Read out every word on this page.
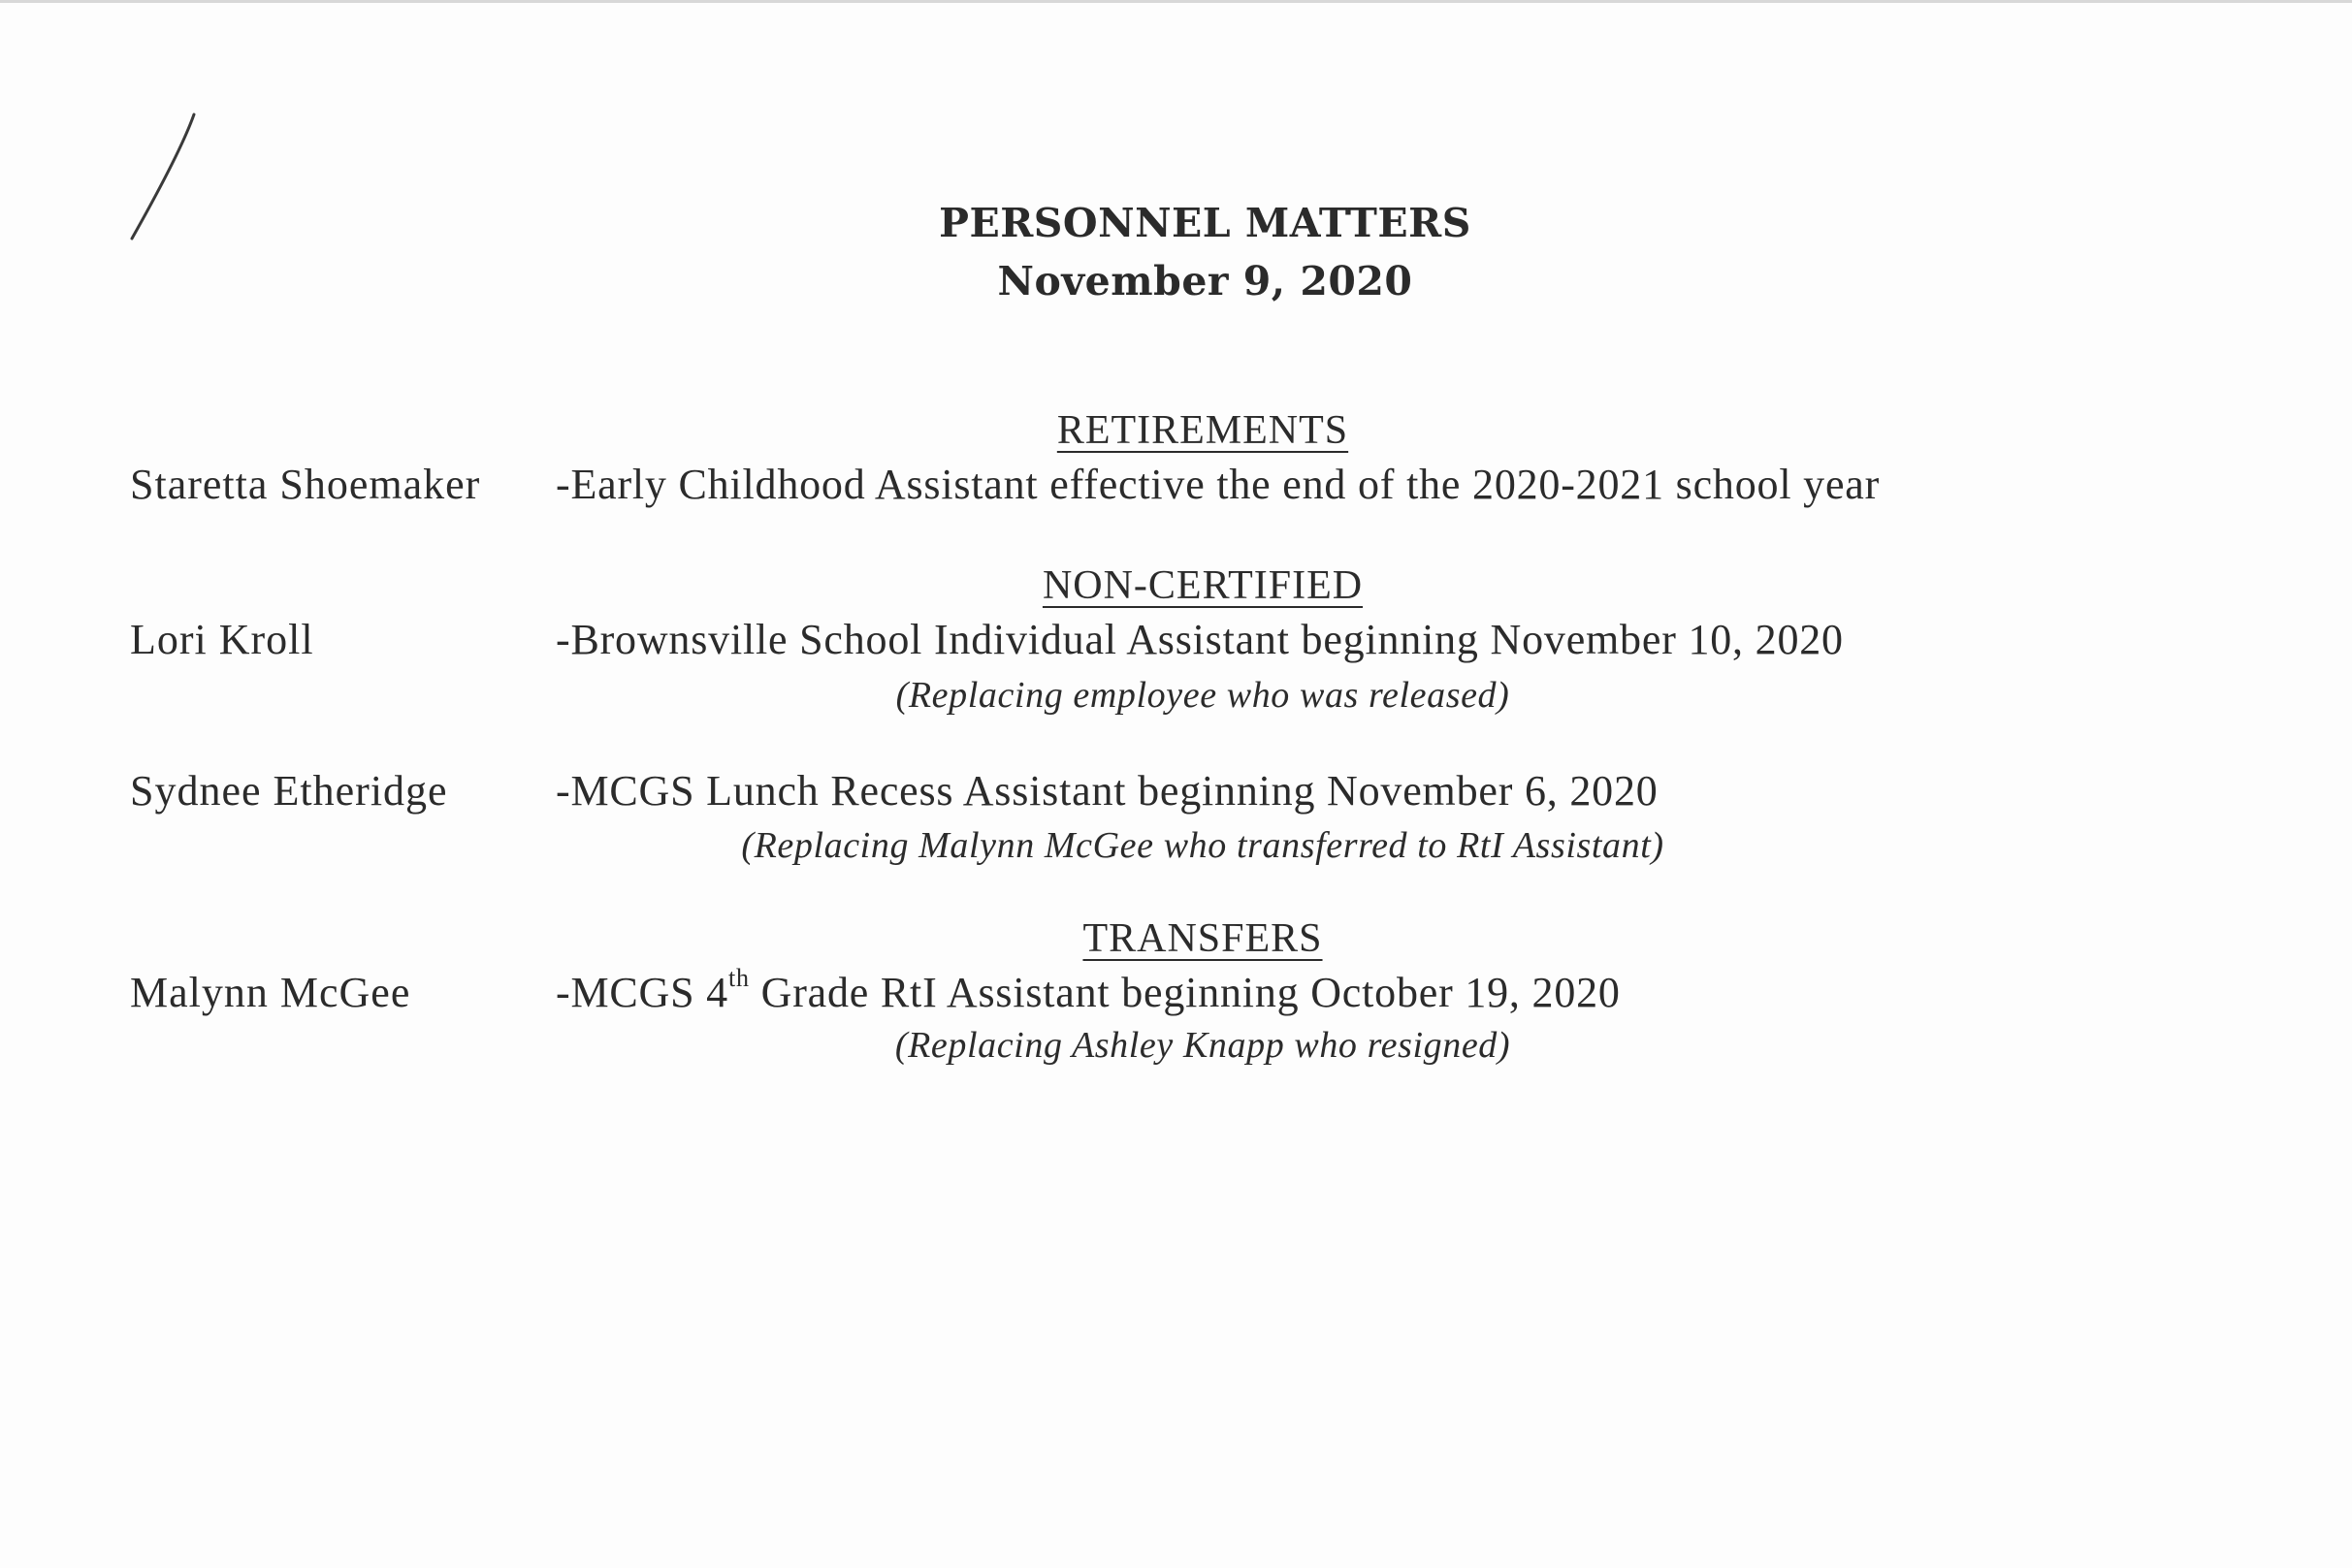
PERSONNEL MATTERS
November 9, 2020
RETIREMENTS
Staretta Shoemaker -Early Childhood Assistant effective the end of the 2020-2021 school year
NON-CERTIFIED
Lori Kroll	-Brownsville School Individual Assistant beginning November 10, 2020
(Replacing employee who was released)
Sydnee Etheridge	-MCGS Lunch Recess Assistant beginning November 6, 2020
(Replacing Malynn McGee who transferred to RtI Assistant)
TRANSFERS
Malynn McGee	-MCGS 4th Grade RtI Assistant beginning October 19, 2020
(Replacing Ashley Knapp who resigned)
